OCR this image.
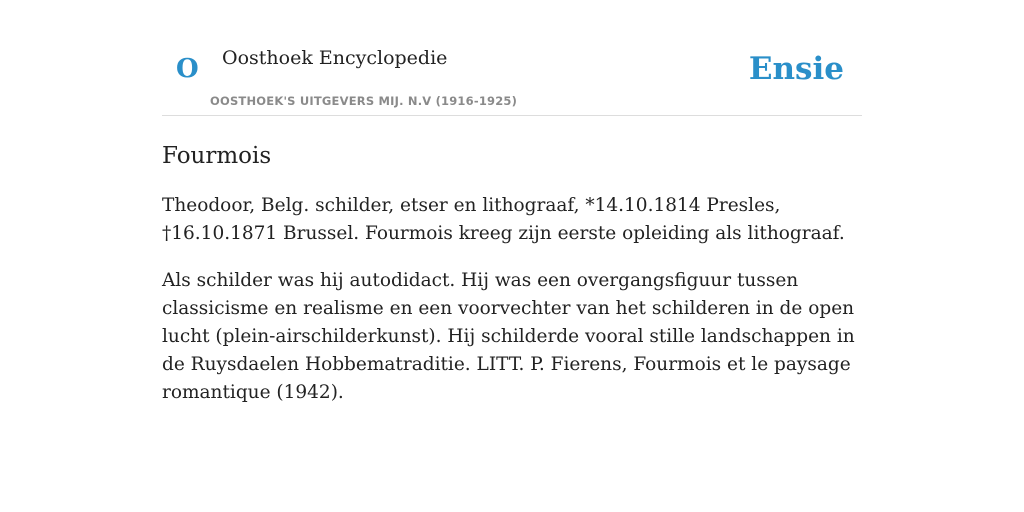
O Oosthoek Encyclopedie
OOSTHOEK'S UITGEVERS MIJ. N.V (1916-1925)
Ensie
Fourmois

Theodoor, Belg. schilder, etser en lithograaf, *14.10.1814 Presles, †16.10.1871 Brussel. Fourmois kreeg zijn eerste opleiding als lithograaf.

Als schilder was hij autodidact. Hij was een overgangsfiguur tussen classicisme en realisme en een voorvechter van het schilderen in de open lucht (plein-airschilderkunst). Hij schilderde vooral stille landschappen in de Ruysdaelen Hobbematraditie. LITT. P. Fierens, Fourmois et le paysage romantique (1942).
